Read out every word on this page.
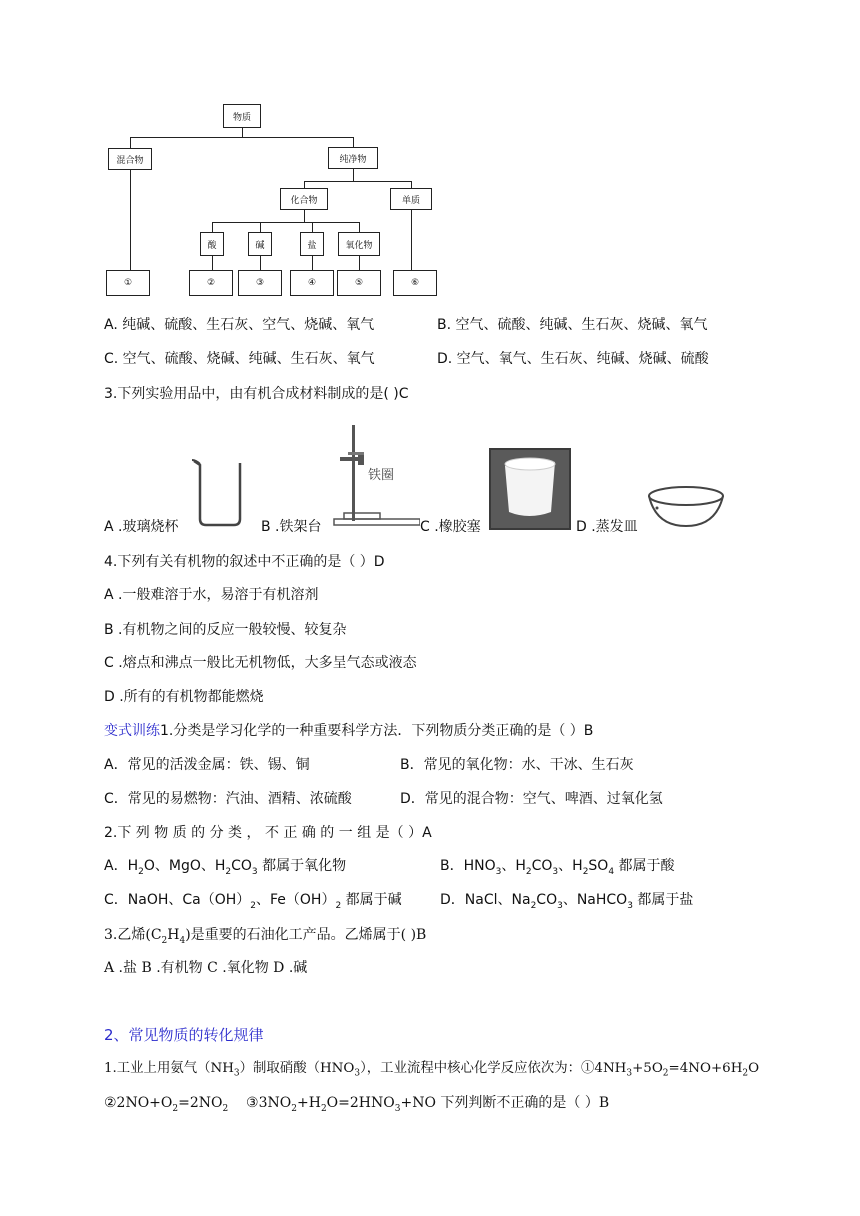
物质
混合物	纯净物
化合物	单质
酸	碱	盐	氧化物
①	②	③	④	⑤	⑥
A. 纯碱、硫酸、生石灰、空气、烧碱、氧气	B. 空气、硫酸、纯碱、生石灰、烧碱、氧气
C. 空气、硫酸、烧碱、纯碱、生石灰、氧气	D. 空气、氧气、生石灰、纯碱、烧碱、硫酸
3.下列实验用品中，由有机合成材料制成的是( )C
A .玻璃烧杯	B .铁架台
铁圈
C .橡胶塞	D .蒸发皿
4.下列有关有机物的叙述中不正确的是（ ）D
A .一般难溶于水，易溶于有机溶剂
B .有机物之间的反应一般较慢、较复杂
C .熔点和沸点一般比无机物低，大多呈气态或液态
D .所有的有机物都能燃烧
变式训练1.分类是学习化学的一种重要科学方法．下列物质分类正确的是（ ）B
A．常见的活泼金属：铁、锡、铜	B．常见的氧化物：水、干冰、生石灰
C．常见的易燃物：汽油、酒精、浓硫酸	D．常见的混合物：空气、啤酒、过氧化氢
2.下 列 物 质 的 分 类 ， 不 正 确 的 一 组 是（ ）A
A．$H_2O$、MgO、$H_2CO_3$ 都属于氧化物	B．$HNO_3$、$H_2CO_3$、$H_2SO_4$ 都属于酸
C．NaOH、$Ca(OH)_2$、$Fe(OH)_2$ 都属于碱	D．NaCl、$Na_2CO_3$、NaHCO$_3$ 都属于盐
3.乙烯$(C_2H_4)$是重要的石油化工产品。乙烯属于( )B
A .盐 B .有机物 C .氧化物 D .碱
2、常见物质的转化规律
1.工业上用氨气$(NH_3)$制取硝酸$(HNO_3)$，工业流程中核心化学反应依次为：$①4NH_3+5O_2=4NO+6H_2O$
$②2NO+O_2=2NO_2$    $③3NO_2+H_2O=2HNO_3+NO$ 下列判断不正确的是（ ）B
